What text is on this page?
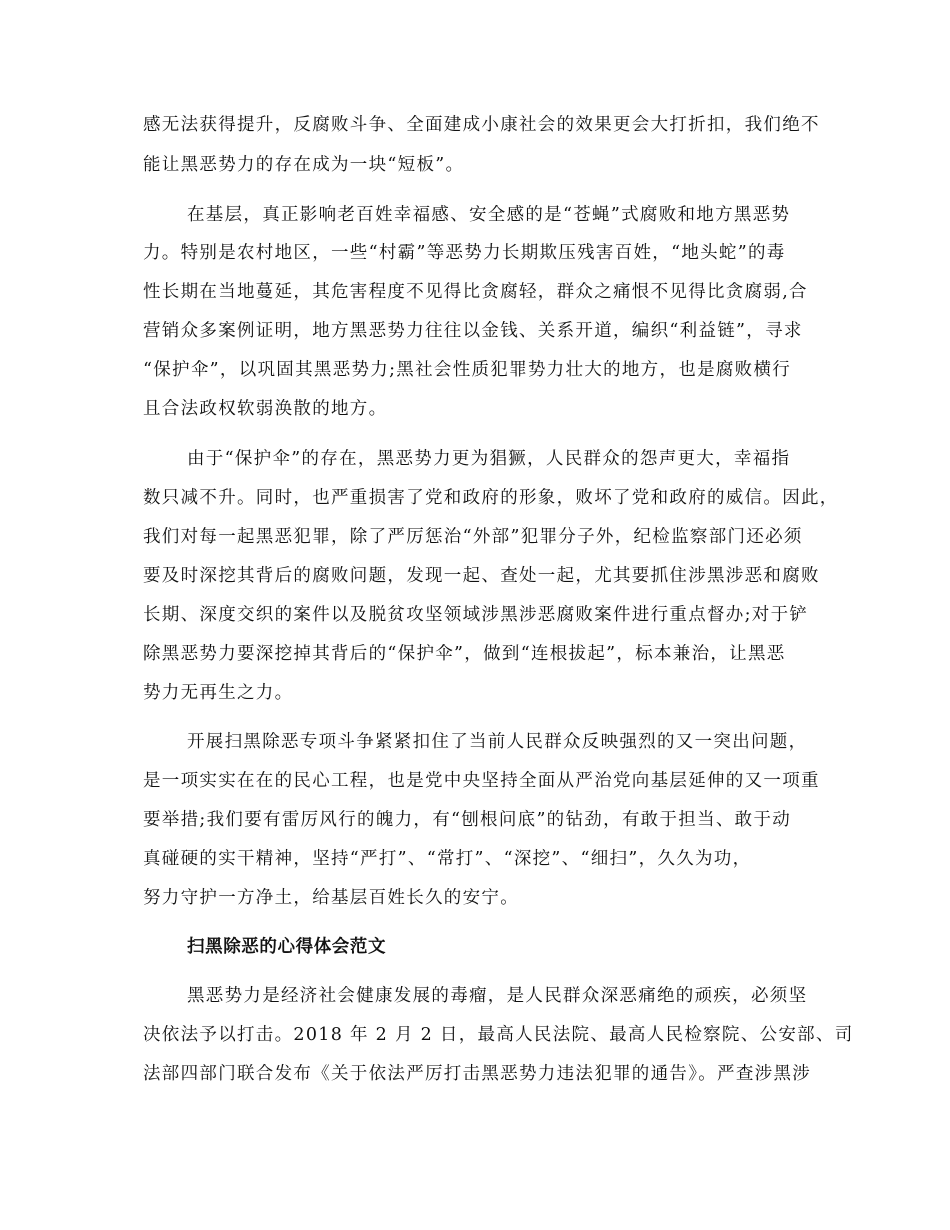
感无法获得提升，反腐败斗争、全面建成小康社会的效果更会大打折扣，我们绝不
能让黑恶势力的存在成为一块“短板”。
在基层，真正影响老百姓幸福感、安全感的是“苍蝇”式腐败和地方黑恶势
力。特别是农村地区，一些“村霸”等恶势力长期欺压残害百姓，“地头蛇”的毒
性长期在当地蔓延，其危害程度不见得比贪腐轻，群众之痛恨不见得比贪腐弱,合
营销众多案例证明，地方黑恶势力往往以金钱、关系开道，编织“利益链”，寻求
“保护伞”，以巩固其黑恶势力;黑社会性质犯罪势力壮大的地方，也是腐败横行
且合法政权软弱涣散的地方。
由于“保护伞”的存在，黑恶势力更为猖獗，人民群众的怨声更大，幸福指
数只减不升。同时，也严重损害了党和政府的形象，败坏了党和政府的威信。因此，
我们对每一起黑恶犯罪，除了严厉惩治“外部”犯罪分子外，纪检监察部门还必须
要及时深挖其背后的腐败问题，发现一起、查处一起，尤其要抓住涉黑涉恶和腐败
长期、深度交织的案件以及脱贫攻坚领域涉黑涉恶腐败案件进行重点督办;对于铲
除黑恶势力要深挖掉其背后的“保护伞”，做到“连根拔起”，标本兼治，让黑恶
势力无再生之力。
开展扫黑除恶专项斗争紧紧扣住了当前人民群众反映强烈的又一突出问题，
是一项实实在在的民心工程，也是党中央坚持全面从严治党向基层延伸的又一项重
要举措;我们要有雷厉风行的魄力，有“刨根问底”的钻劲，有敢于担当、敢于动
真碰硬的实干精神，坚持“严打”、“常打”、“深挖”、“细扫”，久久为功，
努力守护一方净土，给基层百姓长久的安宁。
扫黑除恶的心得体会范文
黑恶势力是经济社会健康发展的毒瘤，是人民群众深恶痛绝的顽疾，必须坚
决依法予以打击。2018 年 2 月 2 日，最高人民法院、最高人民检察院、公安部、司
法部四部门联合发布《关于依法严厉打击黑恶势力违法犯罪的通告》。严查涉黑涉
